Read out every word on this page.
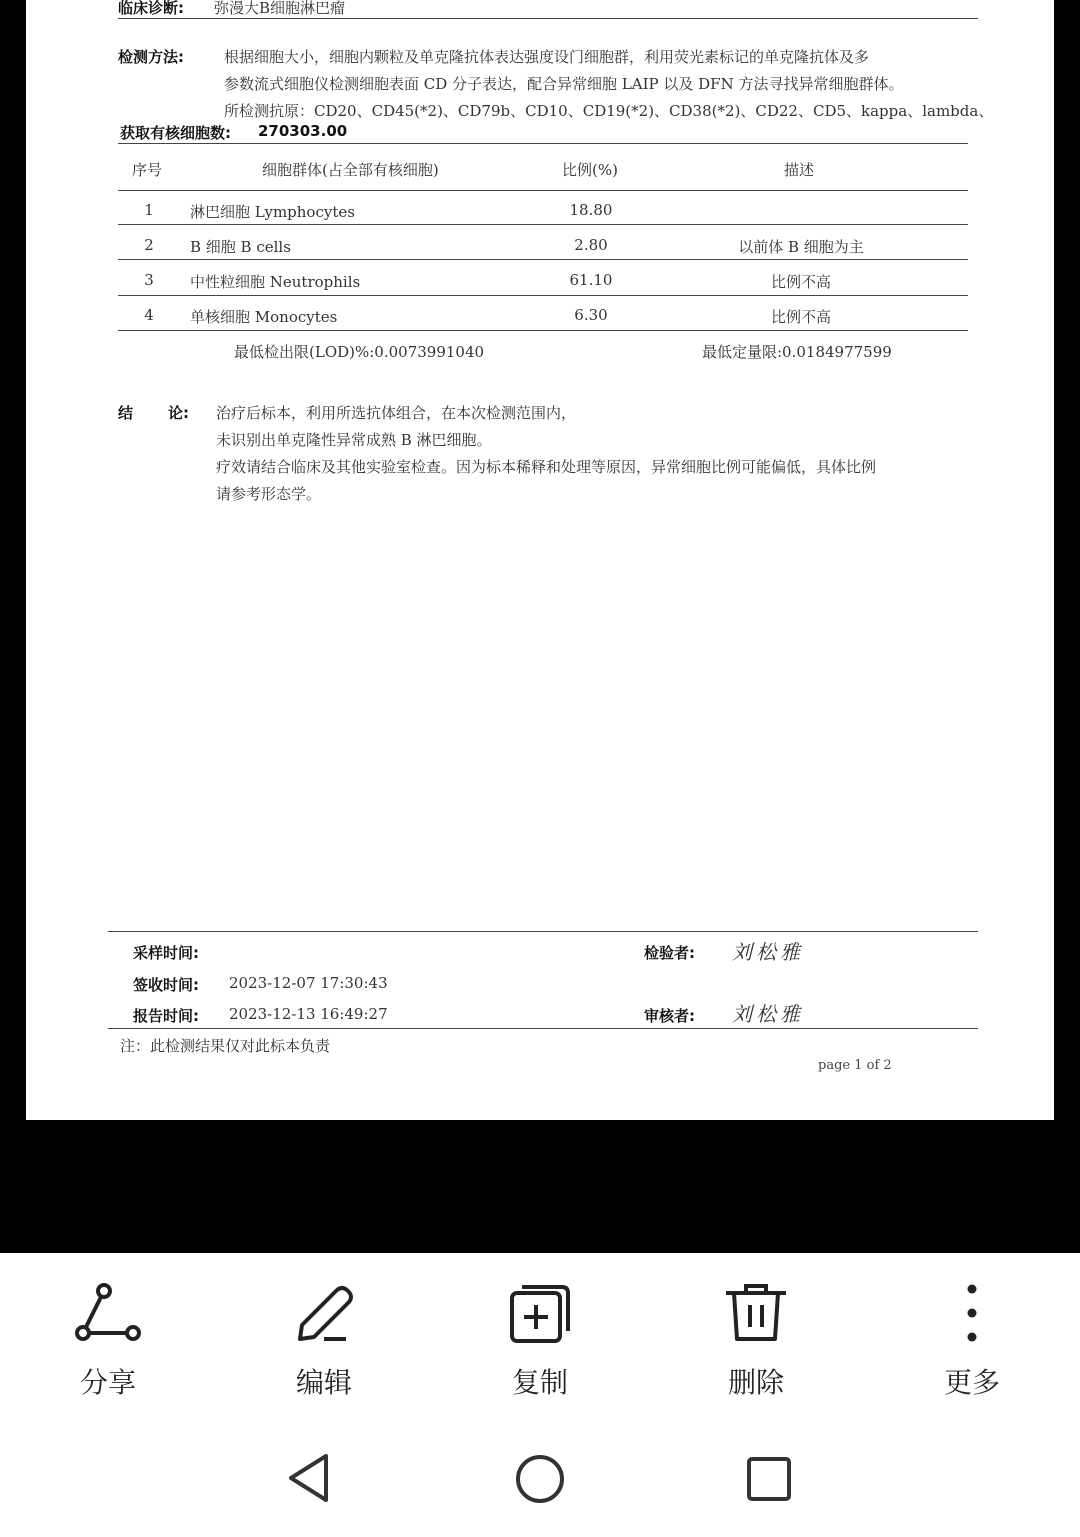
临床诊断: 弥漫大B细胞淋巴瘤
检测方法:	根据细胞大小，细胞内颗粒及单克隆抗体表达强度设门细胞群，利用荧光素标记的单克隆抗体及多
参数流式细胞仪检测细胞表面 CD 分子表达，配合异常细胞 LAIP 以及 DFN 方法寻找异常细胞群体。
所检测抗原：CD20、CD45(*2)、CD79b、CD10、CD19(*2)、CD38(*2)、CD22、CD5、kappa、lambda、
获取有核细胞数: 270303.00
序号	细胞群体(占全部有核细胞)	比例(%)	描述
1	淋巴细胞 Lymphocytes	18.80
2	B 细胞 B cells	2.80	以前体 B 细胞为主
3	中性粒细胞 Neutrophils	61.10	比例不高
4	单核细胞 Monocytes	6.30	比例不高
最低检出限(LOD)%:0.0073991040	最低定量限:0.0184977599
结 论: 治疗后标本，利用所选抗体组合，在本次检测范围内，
未识别出单克隆性异常成熟 B 淋巴细胞。
疗效请结合临床及其他实验室检查。因为标本稀释和处理等原因，异常细胞比例可能偏低，具体比例
请参考形态学。
采样时间:	检验者: 刘松雅
签收时间: 2023-12-07 17:30:43
报告时间: 2023-12-13 16:49:27	审核者: 刘松雅
注：此检测结果仅对此标本负责
page 1 of 2
分享	编辑	复制	删除	更多
